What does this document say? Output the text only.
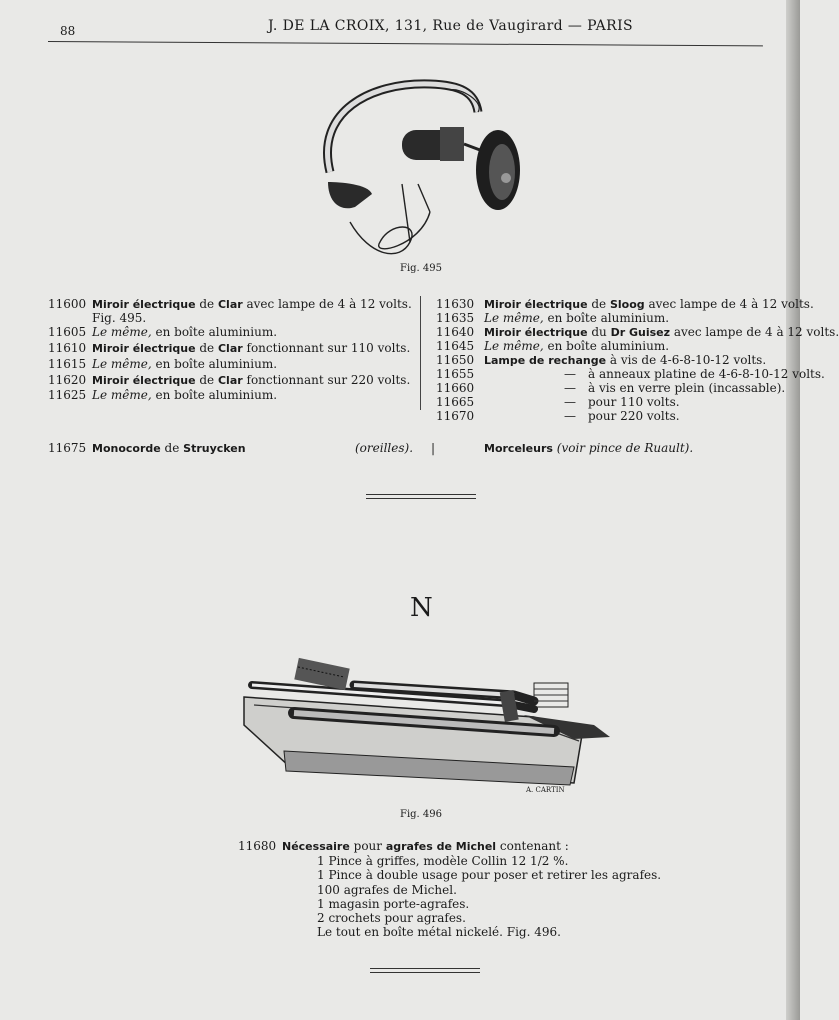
88	J. DE LA CROIX, 131, Rue de Vaugirard — PARIS
Fig. 495
11600 Miroir électrique de Clar avec lampe de 4 à 12 volts.
Fig. 495.
11605 Le même, en boîte aluminium.
11610 Miroir électrique de Clar fonctionnant sur 110 volts.
11615 Le même, en boîte aluminium.
11620 Miroir électrique de Clar fonctionnant sur 220 volts.
11625 Le même, en boîte aluminium.
11630 Miroir électrique de Sloog avec lampe de 4 à 12 volts.
11635 Le même, en boîte aluminium.
11640 Miroir électrique du Dr Guisez avec lampe de 4 à 12 volts.
11645 Le même, en boîte aluminium.
11650 Lampe de rechange à vis de 4-6-8-10-12 volts.
11655	— à anneaux platine de 4-6-8-10-12 volts.
11660	— à vis en verre plein (incassable).
11665	— pour 110 volts.
11670	— pour 220 volts.
11675 Monocorde de Struycken	(oreilles). |	Morceleurs (voir pince de Ruault).
N
A. CARTIN
Fig. 496
11680 Nécessaire pour agrafes de Michel contenant :
1 Pince à griffes, modèle Collin 12 1/2 %.
1 Pince à double usage pour poser et retirer les agrafes.
100 agrafes de Michel.
1 magasin porte-agrafes.
2 crochets pour agrafes.
Le tout en boîte métal nickelé. Fig. 496.
